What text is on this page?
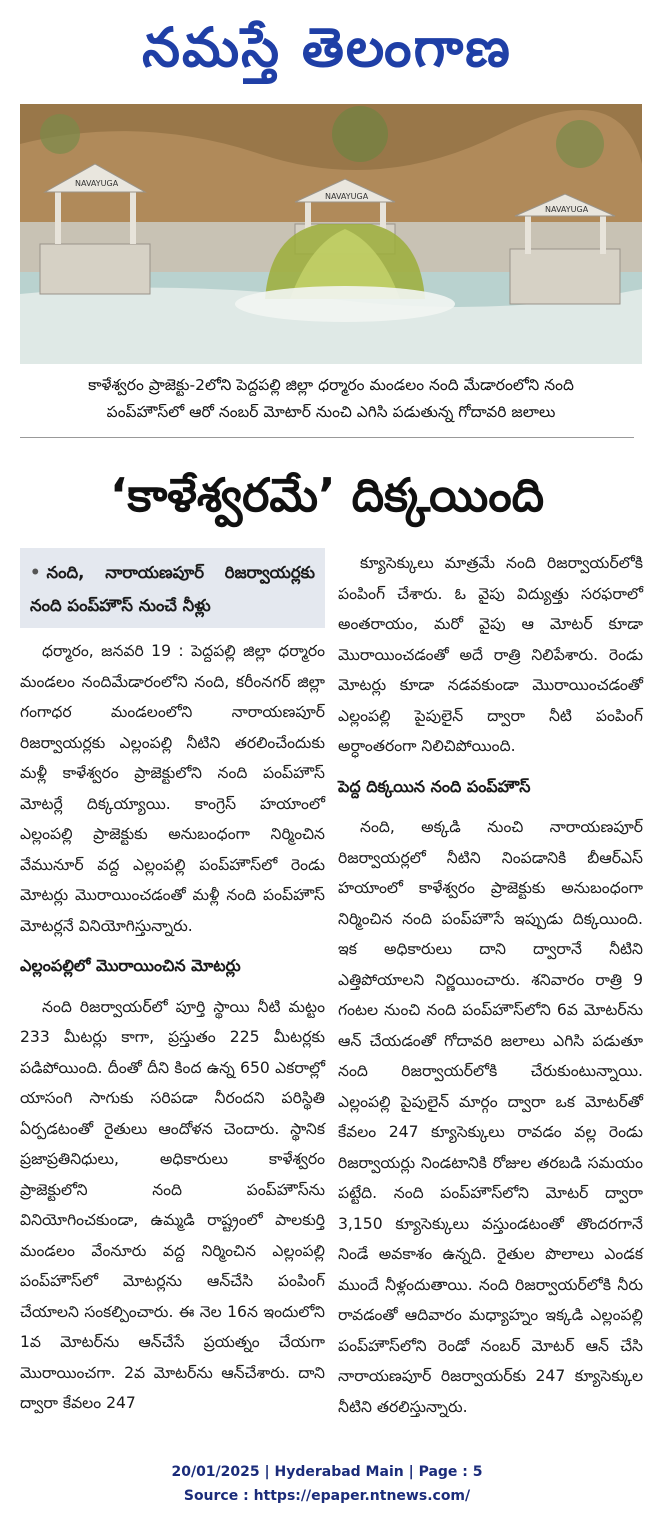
నమస్తే తెలంగాణ
NAVAYUGA
NAVAYUGA
NAVAYUGA
కాళేశ్వరం ప్రాజెక్టు-2లోని పెద్దపల్లి జిల్లా ధర్మారం మండలం నంది మేడారంలోని నంది
పంప్‌హౌస్‌లో ఆరో నంబర్ మోటార్ నుంచి ఎగిసి పడుతున్న గోదావరి జలాలు
‘కాళేశ్వరమే’ దిక్కయింది
• నంది, నారాయణపూర్ రిజర్వాయర్లకు నంది పంప్‌హౌస్ నుంచే నీళ్లు

ధర్మారం, జనవరి 19 : పెద్దపల్లి జిల్లా ధర్మారం మండలం నందిమేడారంలోని నంది, కరీంనగర్ జిల్లా గంగాధర మండలంలోని నారాయణపూర్ రిజర్వాయర్లకు ఎల్లంపల్లి నీటిని తరలించేందుకు మళ్లీ కాళేశ్వరం ప్రాజెక్టులోని నంది పంప్‌హౌస్ మోటర్లే దిక్కయ్యాయి. కాంగ్రెస్ హయాంలో ఎల్లంపల్లి ప్రాజెక్టుకు అనుబంధంగా నిర్మించిన వేమునూర్ వద్ద ఎల్లంపల్లి పంప్‌హౌస్‌లో రెండు మోటర్లు మొరాయించడంతో మళ్లీ నంది పంప్‌హౌస్ మోటర్లనే వినియోగిస్తున్నారు.

ఎల్లంపల్లిలో మొరాయించిన మోటర్లు

నంది రిజర్వాయర్‌లో పూర్తి స్థాయి నీటి మట్టం 233 మీటర్లు కాగా, ప్రస్తుతం 225 మీటర్లకు పడిపోయింది. దీంతో దీని కింద ఉన్న 650 ఎకరాల్లో యాసంగి సాగుకు సరిపడా నీరందని పరిస్థితి ఏర్పడటంతో రైతులు ఆందోళన చెందారు. స్థానిక ప్రజాప్రతినిధులు, అధికారులు కాళేశ్వరం ప్రాజెక్టులోని నంది పంప్‌హౌస్‌ను వినియోగించకుండా, ఉమ్మడి రాష్ట్రంలో పాలకుర్తి మండలం వేంనూరు వద్ద నిర్మించిన ఎల్లంపల్లి పంప్‌హౌస్‌లో మోటర్లను ఆన్‌చేసి పంపింగ్ చేయాలని సంకల్పించారు. ఈ నెల 16న ఇందులోని 1వ మోటర్‌ను ఆన్‌చేసే ప్రయత్నం చేయగా మొరాయించగా. 2వ మోటర్‌ను ఆన్‌చేశారు. దాని ద్వారా కేవలం 247

క్యూసెక్కులు మాత్రమే నంది రిజర్వాయర్‌లోకి పంపింగ్ చేశారు. ఓ వైపు విద్యుత్తు సరఫరాలో అంతరాయం, మరో వైపు ఆ మోటర్ కూడా మొరాయించడంతో అదే రాత్రి నిలిపేశారు. రెండు మోటర్లు కూడా నడవకుండా మొరాయించడంతో ఎల్లంపల్లి పైపులైన్ ద్వారా నీటి పంపింగ్ అర్ధాంతరంగా నిలిచిపోయింది.

పెద్ద దిక్కయిన నంది పంప్‌హౌస్

నంది, అక్కడి నుంచి నారాయణపూర్ రిజర్వాయర్లలో నీటిని నింపడానికి బీఆర్‌ఎస్ హయాంలో కాళేశ్వరం ప్రాజెక్టుకు అనుబంధంగా నిర్మించిన నంది పంప్‌హౌసే ఇప్పుడు దిక్కయింది. ఇక అధికారులు దాని ద్వారానే నీటిని ఎత్తిపోయాలని నిర్ణయించారు. శనివారం రాత్రి 9 గంటల నుంచి నంది పంప్‌హౌస్‌లోని 6వ మోటర్‌ను ఆన్ చేయడంతో గోదావరి జలాలు ఎగిసి పడుతూ నంది రిజర్వాయర్‌లోకి చేరుకుంటున్నాయి. ఎల్లంపల్లి పైపులైన్ మార్గం ద్వారా ఒక మోటర్‌తో కేవలం 247 క్యూసెక్కులు రావడం వల్ల రెండు రిజర్వాయర్లు నిండటానికి రోజుల తరబడి సమయం పట్టేది. నంది పంప్‌హౌస్‌లోని మోటర్ ద్వారా 3,150 క్యూసెక్కులు వస్తుండటంతో తొందరగానే నిండే అవకాశం ఉన్నది. రైతుల పొలాలు ఎండక ముందే నీళ్లందుతాయి. నంది రిజర్వాయర్‌లోకి నీరు రావడంతో ఆదివారం మధ్యాహ్నం ఇక్కడి ఎల్లంపల్లి పంప్‌హౌస్‌లోని రెండో నంబర్ మోటర్ ఆన్ చేసి నారాయణపూర్ రిజర్వాయర్‌కు 247 క్యూసెక్కుల నీటిని తరలిస్తున్నారు.

20/01/2025 | Hyderabad Main | Page : 5
Source : https://epaper.ntnews.com/
